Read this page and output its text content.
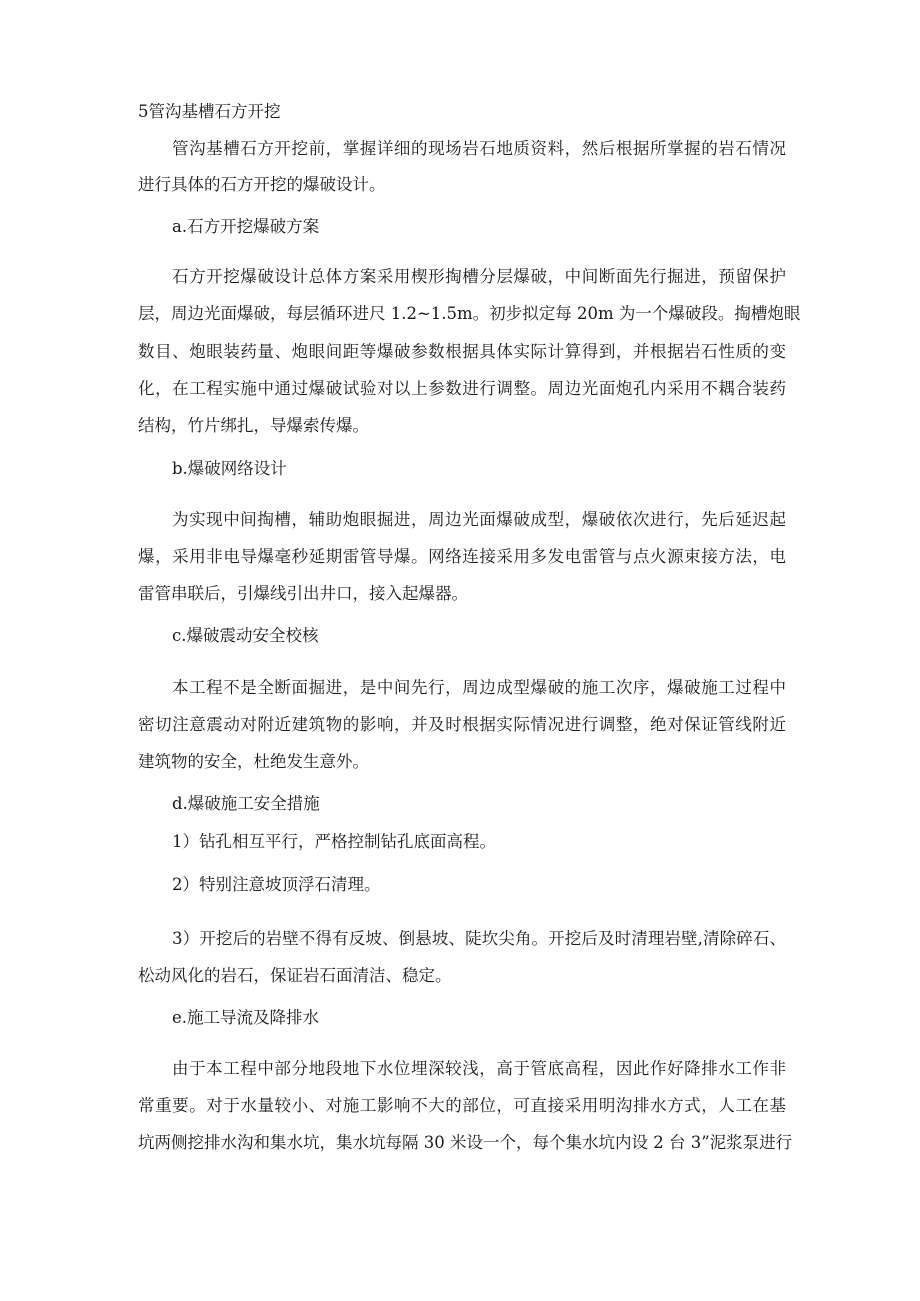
5管沟基槽石方开挖
管沟基槽石方开挖前，掌握详细的现场岩石地质资料，然后根据所掌握的岩石情况
进行具体的石方开挖的爆破设计。
a.石方开挖爆破方案
石方开挖爆破设计总体方案采用楔形掏槽分层爆破，中间断面先行掘进，预留保护
层，周边光面爆破，每层循环进尺 1.2~1.5m。初步拟定每 20m 为一个爆破段。掏槽炮眼
数目、炮眼装药量、炮眼间距等爆破参数根据具体实际计算得到，并根据岩石性质的变
化，在工程实施中通过爆破试验对以上参数进行调整。周边光面炮孔内采用不耦合装药
结构，竹片绑扎，导爆索传爆。
b.爆破网络设计
为实现中间掏槽，辅助炮眼掘进，周边光面爆破成型，爆破依次进行，先后延迟起
爆，采用非电导爆毫秒延期雷管导爆。网络连接采用多发电雷管与点火源束接方法，电
雷管串联后，引爆线引出井口，接入起爆器。
c.爆破震动安全校核
本工程不是全断面掘进，是中间先行，周边成型爆破的施工次序，爆破施工过程中
密切注意震动对附近建筑物的影响，并及时根据实际情况进行调整，绝对保证管线附近
建筑物的安全，杜绝发生意外。
d.爆破施工安全措施
1）钻孔相互平行，严格控制钻孔底面高程。
2）特别注意坡顶浮石清理。
3）开挖后的岩壁不得有反坡、倒悬坡、陡坎尖角。开挖后及时清理岩壁,清除碎石、
松动风化的岩石，保证岩石面清洁、稳定。
e.施工导流及降排水
由于本工程中部分地段地下水位埋深较浅，高于管底高程，因此作好降排水工作非
常重要。对于水量较小、对施工影响不大的部位，可直接采用明沟排水方式，人工在基
坑两侧挖排水沟和集水坑，集水坑每隔 30 米设一个，每个集水坑内设 2 台 3”泥浆泵进行
